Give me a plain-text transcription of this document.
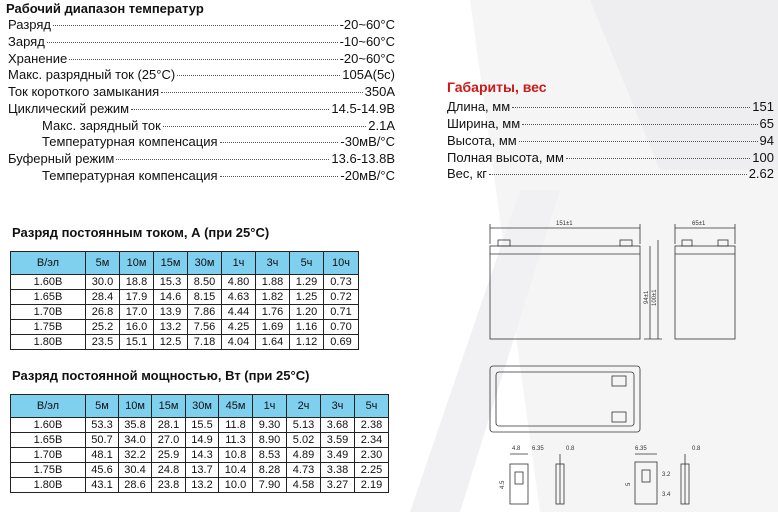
Рабочий диапазон температур
Разряд	-20~60°C
Заряд	-10~60°C
Хранение	-20~60°C
Макс. разрядный ток (25°C)	105A(5c)
Ток короткого замыкания	350A
Циклический режим	14.5-14.9B
Макс. зарядный ток	2.1A
Температурная компенсация	-30мВ/°C
Буферный режим	13.6-13.8B
Температурная компенсация	-20мВ/°C
Габариты, вес
Длина, мм	151
Ширина, мм	65
Высота, мм	94
Полная высота, мм	100
Вес, кг	2.62
Разряд постоянным током, А (при 25°С)
B/эл	5м	10м	15м	30м	1ч	3ч	5ч	10ч
1.60B	30.0	18.8	15.3	8.50	4.80	1.88	1.29	0.73
1.65B	28.4	17.9	14.6	8.15	4.63	1.82	1.25	0.72
1.70B	26.8	17.0	13.9	7.86	4.44	1.76	1.20	0.71
1.75B	25.2	16.0	13.2	7.56	4.25	1.69	1.16	0.70
1.80B	23.5	15.1	12.5	7.18	4.04	1.64	1.12	0.69
Разряд постоянной мощностью, Вт (при 25°С)
B/эл	5м	10м	15м	30м	45м	1ч	2ч	3ч	5ч
1.60B	53.3	35.8	28.1	15.5	11.8	9.30	5.13	3.68	2.38
1.65B	50.7	34.0	27.0	14.9	11.3	8.90	5.02	3.59	2.34
1.70B	48.1	32.2	25.9	14.3	10.8	8.53	4.89	3.49	2.30
1.75B	45.6	30.4	24.8	13.7	10.4	8.28	4.73	3.38	2.25
1.80B	43.1	28.6	23.8	13.2	10.0	7.90	4.58	3.27	2.19
151±1	65±1
94±1 100±1
4.8 6.35	0.8
4.5
6.35	0.8
5
3.2
3.4
